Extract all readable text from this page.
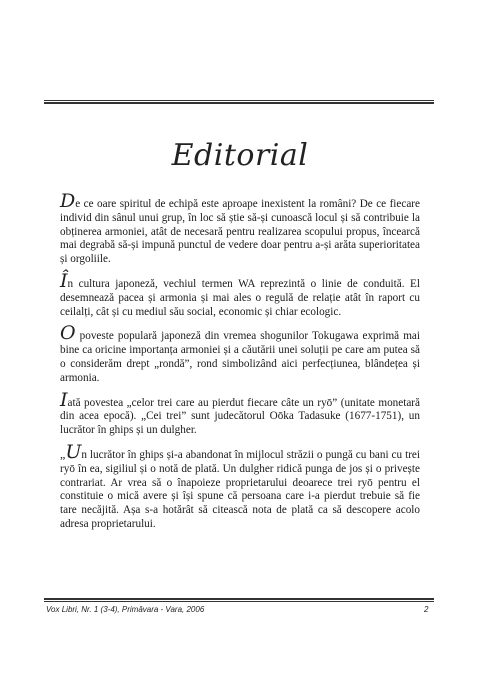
Editorial

De ce oare spiritul de echipă este aproape inexistent la români? De ce fiecare individ din sânul unui grup, în loc să știe să-și cunoască locul și să contribuie la obținerea armoniei, atât de necesară pentru realizarea scopului propus, încearcă mai degrabă să-și impună punctul de vedere doar pentru a-și arăta superioritatea și orgoliile.

În cultura japoneză, vechiul termen WA reprezintă o linie de conduită. El desemnează pacea și armonia și mai ales o regulă de relație atât în raport cu ceilalți, cât și cu mediul său social, economic și chiar ecologic.

O poveste populară japoneză din vremea shogunilor Tokugawa exprimă mai bine ca oricine importanța armoniei și a căutării unei soluții pe care am putea să o considerăm drept „rondă”, rond simbolizând aici perfecțiunea, blândețea și armonia.

Iată povestea „celor trei care au pierdut fiecare câte un ryō” (unitate monetară din acea epocă). „Cei trei” sunt judecătorul Oōka Tadasuke (1677-1751), un lucrător în ghips și un dulgher.

„Un lucrător în ghips și-a abandonat în mijlocul străzii o pungă cu bani cu trei ryō în ea, sigiliul și o notă de plată. Un dulgher ridică punga de jos și o privește contrariat. Ar vrea să o înapoieze proprietarului deoarece trei ryō pentru el constituie o mică avere și își spune că persoana care i-a pierdut trebuie să fie tare necăjită. Așa s-a hotărât să citească nota de plată ca să descopere acolo adresa proprietarului.

Vox Libri, Nr. 1 (3-4), Primăvara - Vara, 2006	2
